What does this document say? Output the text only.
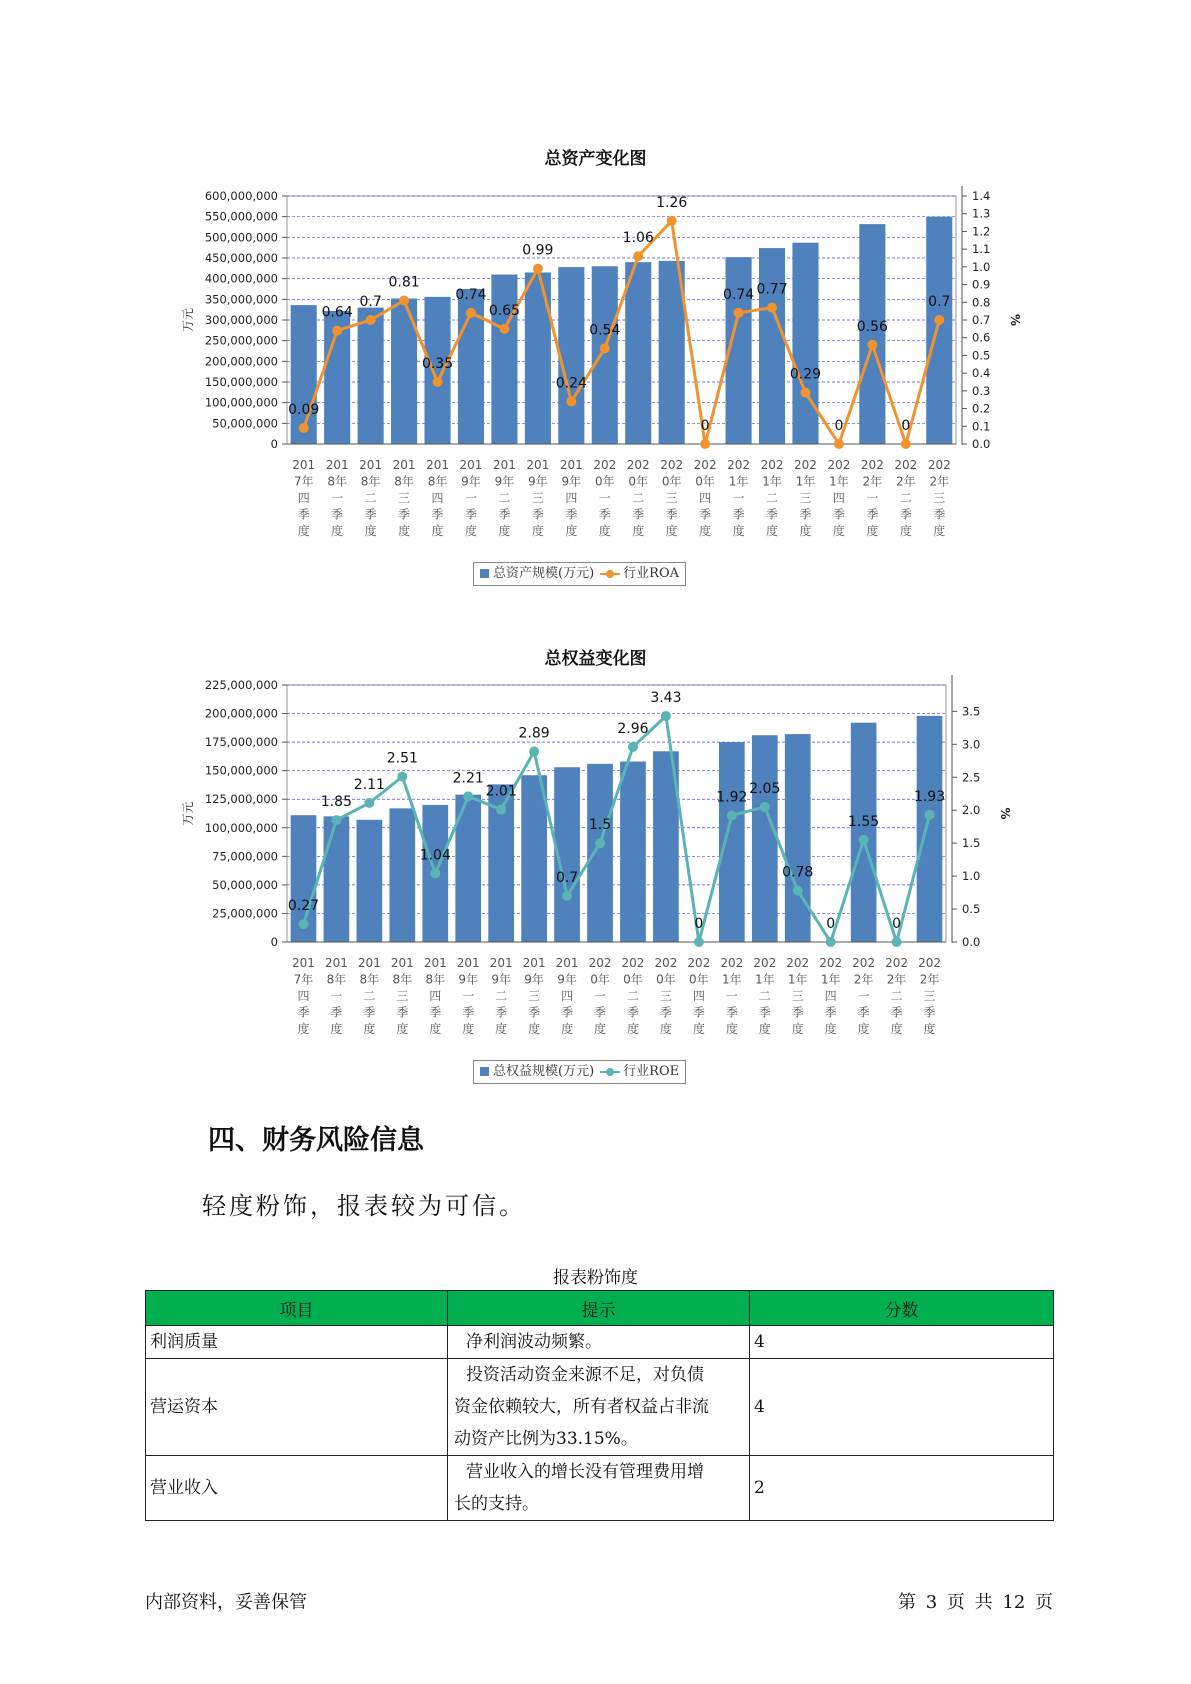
总资产变化图
600,000,000
550,000,000
500,000,000
450,000,000
400,000,000
350,000,000
300,000,000
250,000,000
200,000,000
150,000,000
100,000,000
50,000,000
0
1.4
1.3
1.2
1.1
1.0
0.9
0.8
0.7
0.6
0.5
0.4
0.3
0.2
0.1
0.0
万元	%
201 7年四季度
201 8年一季度
201 8年二季度
201 8年三季度
201 8年四季度
201 9年一季度
201 9年二季度
201 9年三季度
201 9年四季度
202 0年一季度
202 0年二季度
202 0年三季度
202 0年四季度
202 1年一季度
202 1年二季度
202 1年三季度
202 1年四季度
202 2年一季度
202 2年二季度
202 2年三季度
0.09
0.64
0.7
0.81
0.35
0.74
0.65
0.99
0.24
0.54
1.06
1.26
0
0.74 0.77
0.29
0
0.56
0
0.7
总资产规模(万元) 行业ROA
总权益变化图
225,000,000
200,000,000
175,000,000
150,000,000
125,000,000
100,000,000
75,000,000
50,000,000
25,000,000
0
3.5
3.0
2.5
2.0
1.5
1.0
0.5
0.0
万元	%
201 7年四季度
201 8年一季度
201 8年二季度
201 8年三季度
201 8年四季度
201 9年一季度
201 9年二季度
201 9年三季度
201 9年四季度
202 0年一季度
202 0年二季度
202 0年三季度
202 0年四季度
202 1年一季度
202 1年二季度
202 1年三季度
202 1年四季度
202 2年一季度
202 2年二季度
202 2年三季度
0.27
1.85
2.11
2.51
1.04
2.21
2.01
2.89
0.7
1.5
2.96
3.43
0
1.92
2.05
0.78
0
1.55
0
1.93
总权益规模(万元) 行业ROE
四、财务风险信息
轻度粉饰，报表较为可信。
报表粉饰度
项目	提示	分数
利润质量	净利润波动频繁。	4
营运资本	投资活动资金来源不足，对负债
资金依赖较大，所有者权益占非流
动资产比例为33.15%。	4
营业收入	营业收入的增长没有管理费用增
长的支持。	2
内部资料，妥善保管	第 3 页 共 12 页
